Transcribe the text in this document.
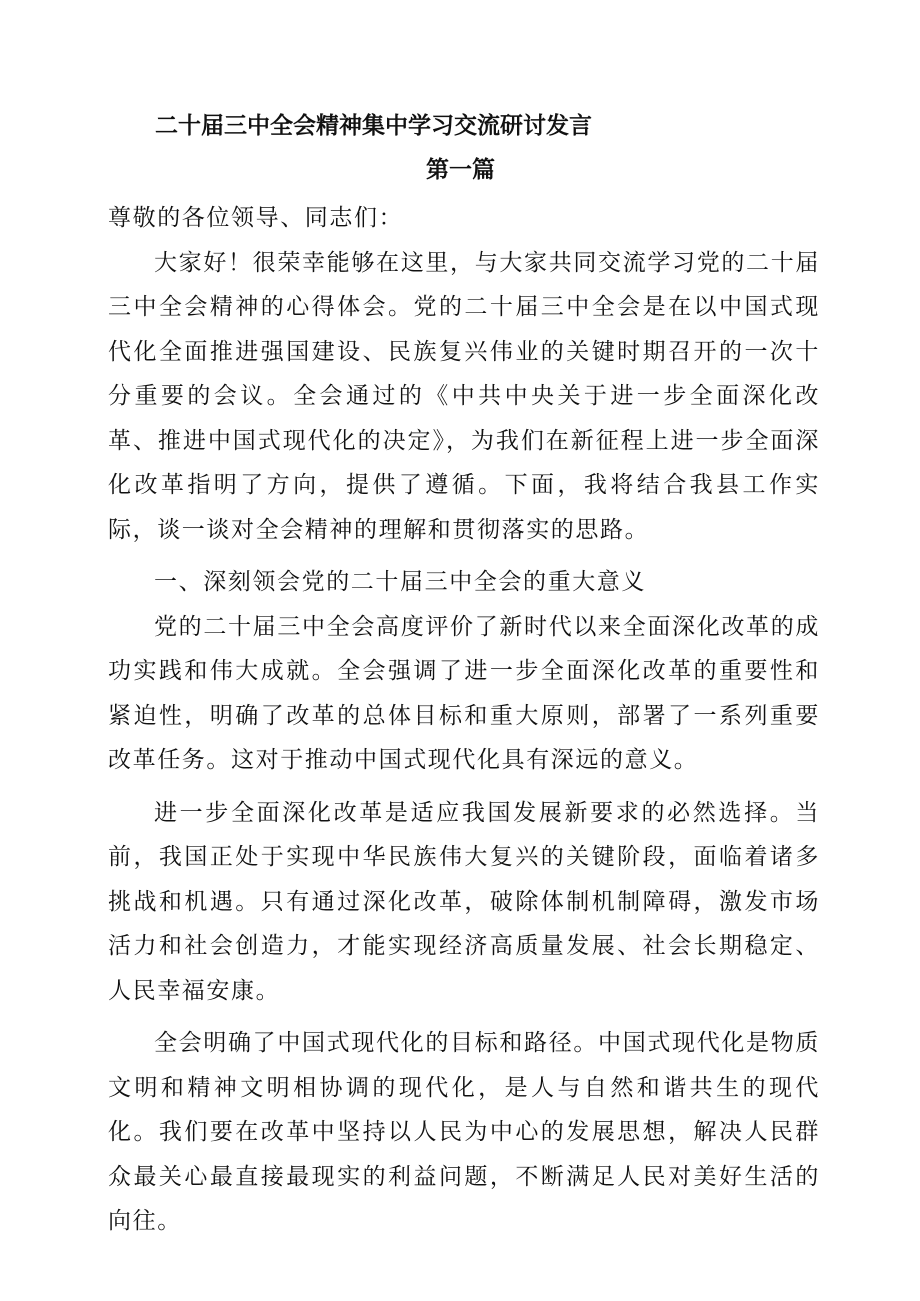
二十届三中全会精神集中学习交流研讨发言
第一篇

尊敬的各位领导、同志们：

大家好！很荣幸能够在这里，与大家共同交流学习党的二十届三中全会精神的心得体会。党的二十届三中全会是在以中国式现代化全面推进强国建设、民族复兴伟业的关键时期召开的一次十分重要的会议。全会通过的《中共中央关于进一步全面深化改革、推进中国式现代化的决定》，为我们在新征程上进一步全面深化改革指明了方向，提供了遵循。下面，我将结合我县工作实际，谈一谈对全会精神的理解和贯彻落实的思路。

一、深刻领会党的二十届三中全会的重大意义

党的二十届三中全会高度评价了新时代以来全面深化改革的成功实践和伟大成就。全会强调了进一步全面深化改革的重要性和紧迫性，明确了改革的总体目标和重大原则，部署了一系列重要改革任务。这对于推动中国式现代化具有深远的意义。

进一步全面深化改革是适应我国发展新要求的必然选择。当前，我国正处于实现中华民族伟大复兴的关键阶段，面临着诸多挑战和机遇。只有通过深化改革，破除体制机制障碍，激发市场活力和社会创造力，才能实现经济高质量发展、社会长期稳定、人民幸福安康。

全会明确了中国式现代化的目标和路径。中国式现代化是物质文明和精神文明相协调的现代化，是人与自然和谐共生的现代化。我们要在改革中坚持以人民为中心的发展思想，解决人民群众最关心最直接最现实的利益问题，不断满足人民对美好生活的向往。
